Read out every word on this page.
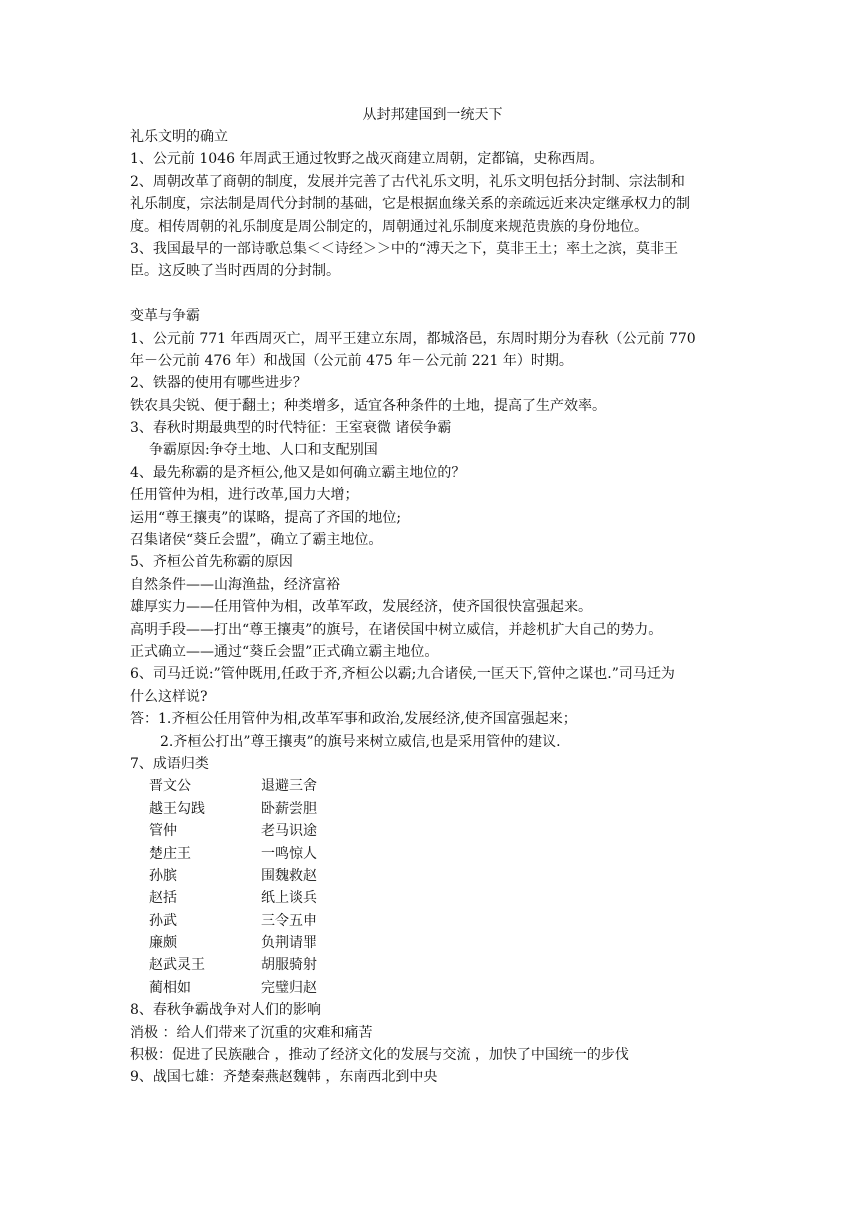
从封邦建国到一统天下

礼乐文明的确立

1、公元前 1046 年周武王通过牧野之战灭商建立周朝，定都镐，史称西周。

2、周朝改革了商朝的制度，发展并完善了古代礼乐文明，礼乐文明包括分封制、宗法制和

礼乐制度，宗法制是周代分封制的基础，它是根据血缘关系的亲疏远近来决定继承权力的制

度。相传周朝的礼乐制度是周公制定的，周朝通过礼乐制度来规范贵族的身份地位。

3、我国最早的一部诗歌总集＜＜诗经＞＞中的“溥天之下，莫非王土；率土之滨，莫非王

臣。这反映了当时西周的分封制。

变革与争霸

1、公元前 771 年西周灭亡，周平王建立东周，都城洛邑，东周时期分为春秋（公元前 770

年－公元前 476 年）和战国（公元前 475 年－公元前 221 年）时期。

2、铁器的使用有哪些进步？

铁农具尖锐、便于翻土；种类增多，适宜各种条件的土地，提高了生产效率。

3、春秋时期最典型的时代特征：王室衰微 诸侯争霸

争霸原因:争夺土地、人口和支配别国

4、最先称霸的是齐桓公,他又是如何确立霸主地位的？

任用管仲为相，进行改革,国力大增；

运用“尊王攘夷”的谋略，提高了齐国的地位;

召集诸侯“葵丘会盟”，确立了霸主地位。

5、齐桓公首先称霸的原因

自然条件——山海渔盐，经济富裕

雄厚实力——任用管仲为相，改革军政，发展经济，使齐国很快富强起来。

高明手段——打出“尊王攘夷”的旗号，在诸侯国中树立威信，并趁机扩大自己的势力。

正式确立——通过“葵丘会盟”正式确立霸主地位。

6、司马迁说:”管仲既用,任政于齐,齐桓公以霸;九合诸侯,一匡天下,管仲之谋也.”司马迁为

什么这样说?

答：1.齐桓公任用管仲为相,改革军事和政治,发展经济,使齐国富强起来；

2.齐桓公打出”尊王攘夷”的旗号来树立威信,也是采用管仲的建议.

7、成语归类

晋文公	退避三舍
越王勾践	卧薪尝胆
管仲	老马识途
楚庄王	一鸣惊人
孙膑	围魏救赵
赵括	纸上谈兵
孙武	三令五申
廉颇	负荆请罪
赵武灵王	胡服骑射
蔺相如	完璧归赵

8、春秋争霸战争对人们的影响

消极 ：给人们带来了沉重的灾难和痛苦

积极：促进了民族融合 ，推动了经济文化的发展与交流 ，加快了中国统一的步伐

9、战国七雄：齐楚秦燕赵魏韩 ，东南西北到中央
